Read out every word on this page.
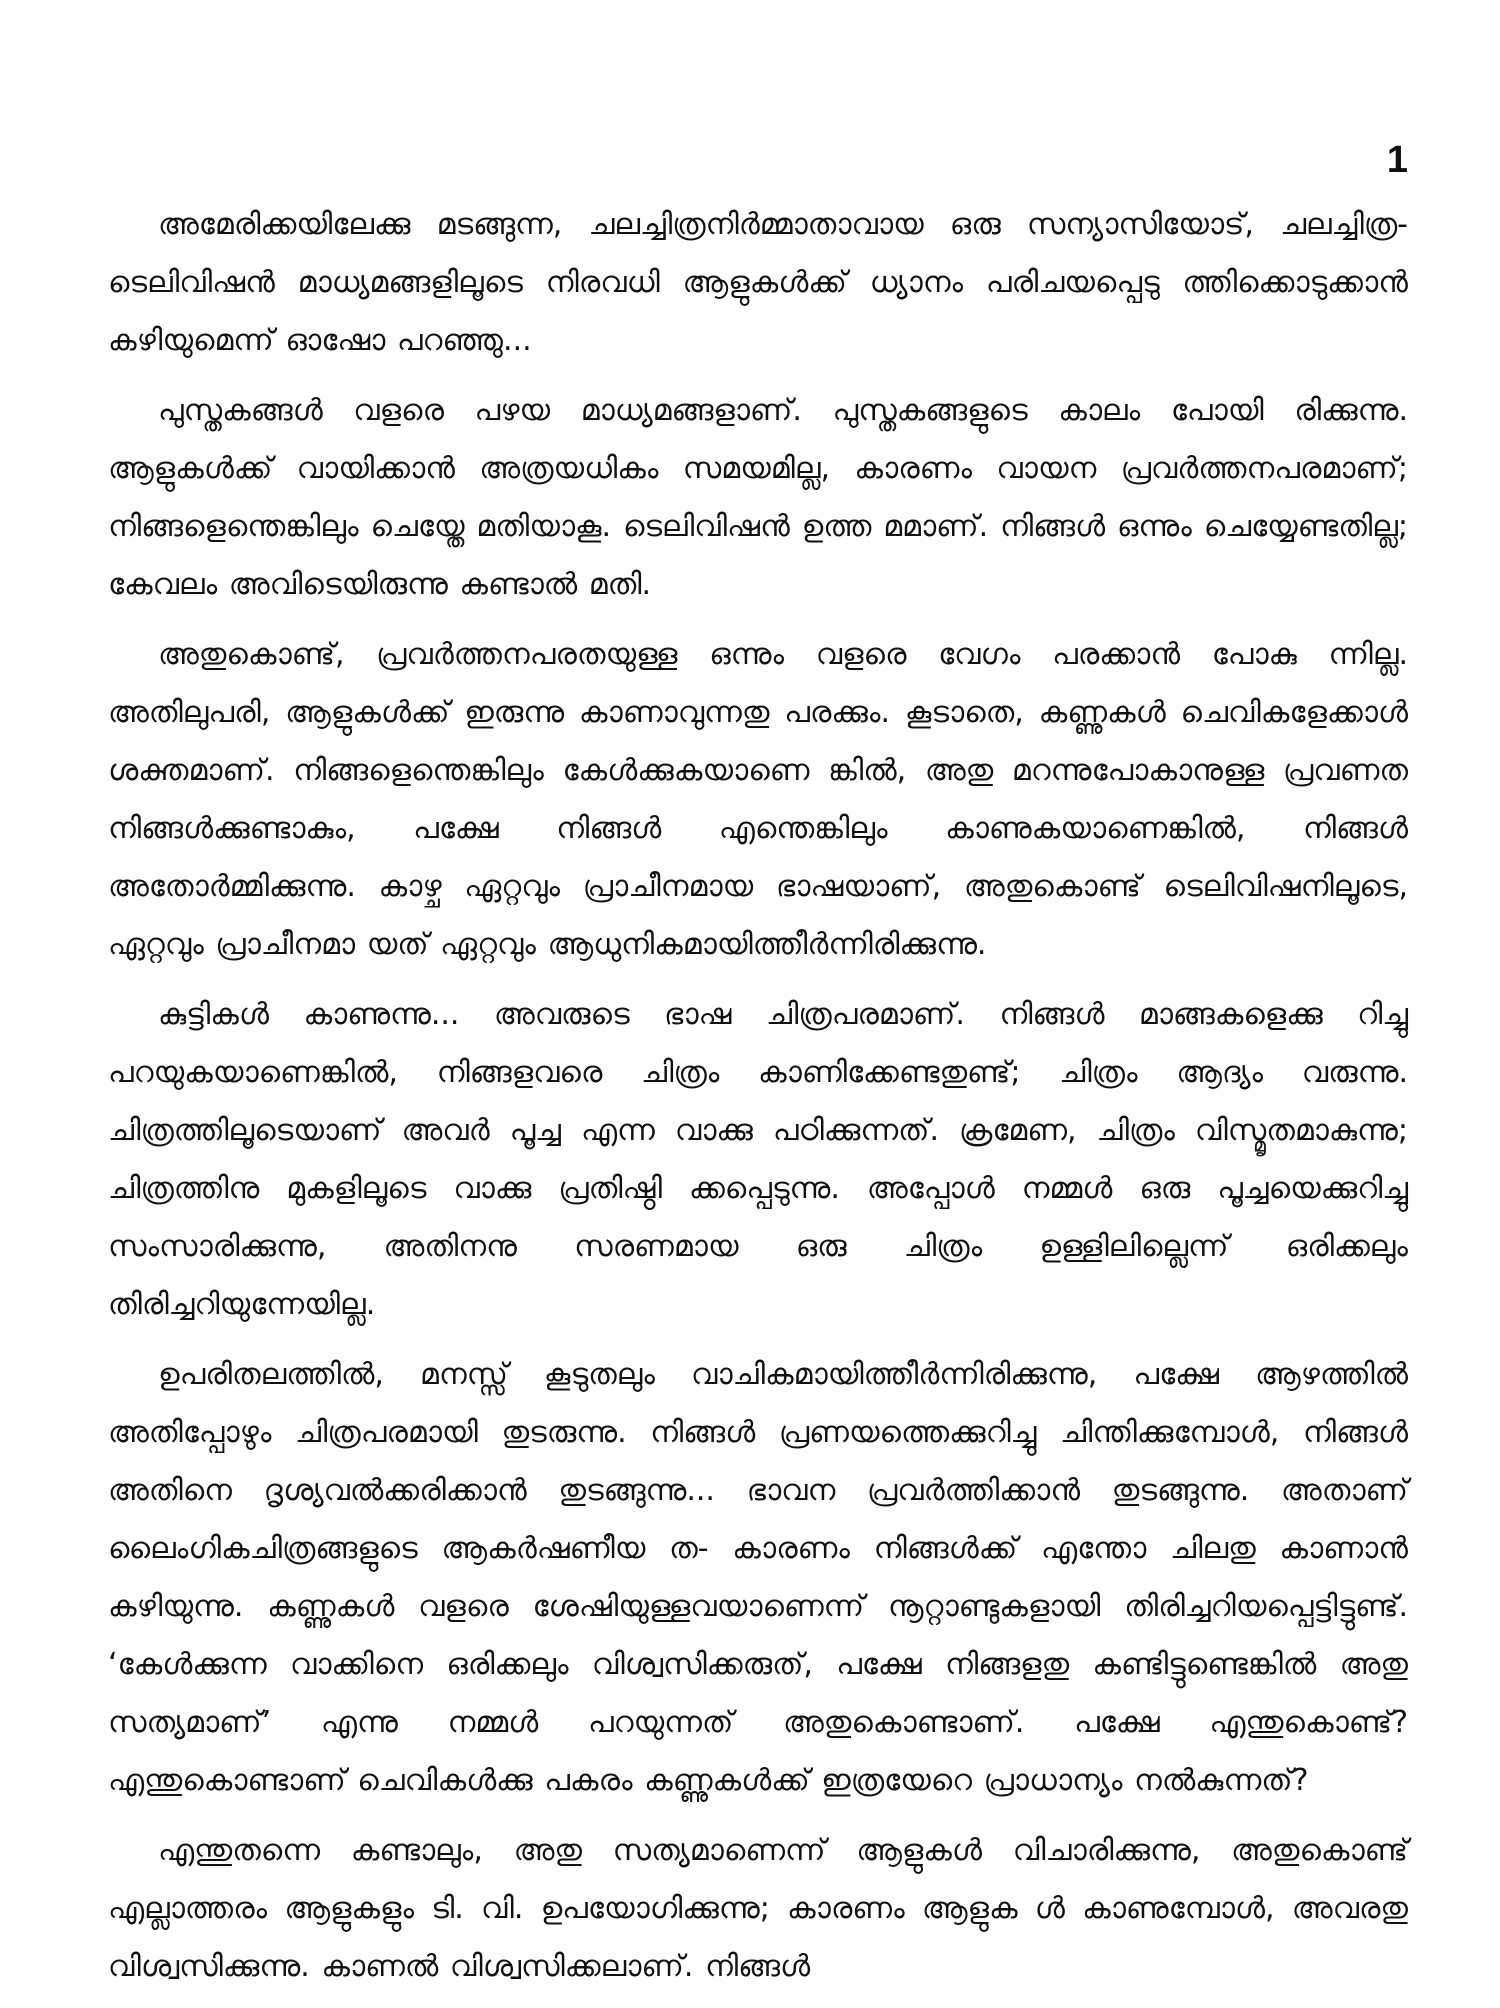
1

അമേരിക്കയിലേക്കു മടങ്ങുന്ന, ചലച്ചിത്രനിർമ്മാതാവായ ഒരു സന്യാസിയോട്, ചലച്ചിത്ര-ടെലിവിഷൻ മാധ്യമങ്ങളിലൂടെ നിരവധി ആളുകൾക്ക് ധ്യാനം പരിചയപ്പെടു ത്തിക്കൊടുക്കാൻ കഴിയുമെന്ന് ഓഷോ പറഞ്ഞു...

പുസ്തകങ്ങൾ വളരെ പഴയ മാധ്യമങ്ങളാണ്. പുസ്തകങ്ങളുടെ കാലം പോയി രിക്കുന്നു. ആളുകൾക്ക് വായിക്കാൻ അത്രയധികം സമയമില്ല, കാരണം വായന പ്രവർത്തനപരമാണ്; നിങ്ങളെന്തെങ്കിലും ചെയ്തേ മതിയാകൂ. ടെലിവിഷൻ ഉത്ത മമാണ്. നിങ്ങൾ ഒന്നും ചെയ്യേണ്ടതില്ല; കേവലം അവിടെയിരുന്നു കണ്ടാൽ മതി.

അതുകൊണ്ട്, പ്രവർത്തനപരതയുള്ള ഒന്നും വളരെ വേഗം പരക്കാൻ പോകു ന്നില്ല. അതിലുപരി, ആളുകൾക്ക് ഇരുന്നു കാണാവുന്നതു പരക്കും. കൂടാതെ, കണ്ണുകൾ ചെവികളേക്കാൾ ശക്തമാണ്. നിങ്ങളെന്തെങ്കിലും കേൾക്കുകയാണെ ങ്കിൽ, അതു മറന്നുപോകാനുള്ള പ്രവണത നിങ്ങൾക്കുണ്ടാകും, പക്ഷേ നിങ്ങൾ എന്തെങ്കിലും കാണുകയാണെങ്കിൽ, നിങ്ങൾ അതോർമ്മിക്കുന്നു. കാഴ്ച ഏറ്റവും പ്രാചീനമായ ഭാഷയാണ്, അതുകൊണ്ട് ടെലിവിഷനിലൂടെ, ഏറ്റവും പ്രാചീനമാ യത് ഏറ്റവും ആധുനികമായിത്തീർന്നിരിക്കുന്നു.

കുട്ടികൾ കാണുന്നു... അവരുടെ ഭാഷ ചിത്രപരമാണ്. നിങ്ങൾ മാങ്ങകളെക്കു റിച്ചു പറയുകയാണെങ്കിൽ, നിങ്ങളവരെ ചിത്രം കാണിക്കേണ്ടതുണ്ട്; ചിത്രം ആദ്യം വരുന്നു. ചിത്രത്തിലൂടെയാണ് അവർ പൂച്ച എന്ന വാക്കു പഠിക്കുന്നത്. ക്രമേണ, ചിത്രം വിസ്മൃതമാകുന്നു; ചിത്രത്തിനു മുകളിലൂടെ വാക്കു പ്രതിഷ്ഠി ക്കപ്പെടുന്നു. അപ്പോൾ നമ്മൾ ഒരു പൂച്ചയെക്കുറിച്ചു സംസാരിക്കുന്നു, അതിനനു സരണമായ ഒരു ചിത്രം ഉള്ളിലില്ലെന്ന് ഒരിക്കലും തിരിച്ചറിയുന്നേയില്ല.

ഉപരിതലത്തിൽ, മനസ്സ് കൂടുതലും വാചികമായിത്തീർന്നിരിക്കുന്നു, പക്ഷേ ആഴത്തിൽ അതിപ്പോഴും ചിത്രപരമായി തുടരുന്നു. നിങ്ങൾ പ്രണയത്തെക്കുറിച്ചു ചിന്തിക്കുമ്പോൾ, നിങ്ങൾ അതിനെ ദൃശ്യവൽക്കരിക്കാൻ തുടങ്ങുന്നു... ഭാവന പ്രവർത്തിക്കാൻ തുടങ്ങുന്നു. അതാണ് ലൈംഗികചിത്രങ്ങളുടെ ആകർഷണീയ ത- കാരണം നിങ്ങൾക്ക് എന്തോ ചിലതു കാണാൻ കഴിയുന്നു. കണ്ണുകൾ വളരെ ശേഷിയുള്ളവയാണെന്ന് നൂറ്റാണ്ടുകളായി തിരിച്ചറിയപ്പെട്ടിട്ടുണ്ട്. ‘കേൾക്കുന്ന വാക്കിനെ ഒരിക്കലും വിശ്വസിക്കരുത്, പക്ഷേ നിങ്ങളതു കണ്ടിട്ടുണ്ടെങ്കിൽ അതു സത്യമാണ്’ എന്നു നമ്മൾ പറയുന്നത് അതുകൊണ്ടാണ്. പക്ഷേ എന്തുകൊണ്ട്? എന്തുകൊണ്ടാണ് ചെവികൾക്കു പകരം കണ്ണുകൾക്ക് ഇത്രയേറെ പ്രാധാന്യം നൽകുന്നത്?

എന്തുതന്നെ കണ്ടാലും, അതു സത്യമാണെന്ന് ആളുകൾ വിചാരിക്കുന്നു, അതുകൊണ്ട് എല്ലാത്തരം ആളുകളും ടി. വി. ഉപയോഗിക്കുന്നു; കാരണം ആളുക ൾ കാണുമ്പോൾ, അവരതു വിശ്വസിക്കുന്നു. കാണൽ വിശ്വസിക്കലാണ്. നിങ്ങൾ
